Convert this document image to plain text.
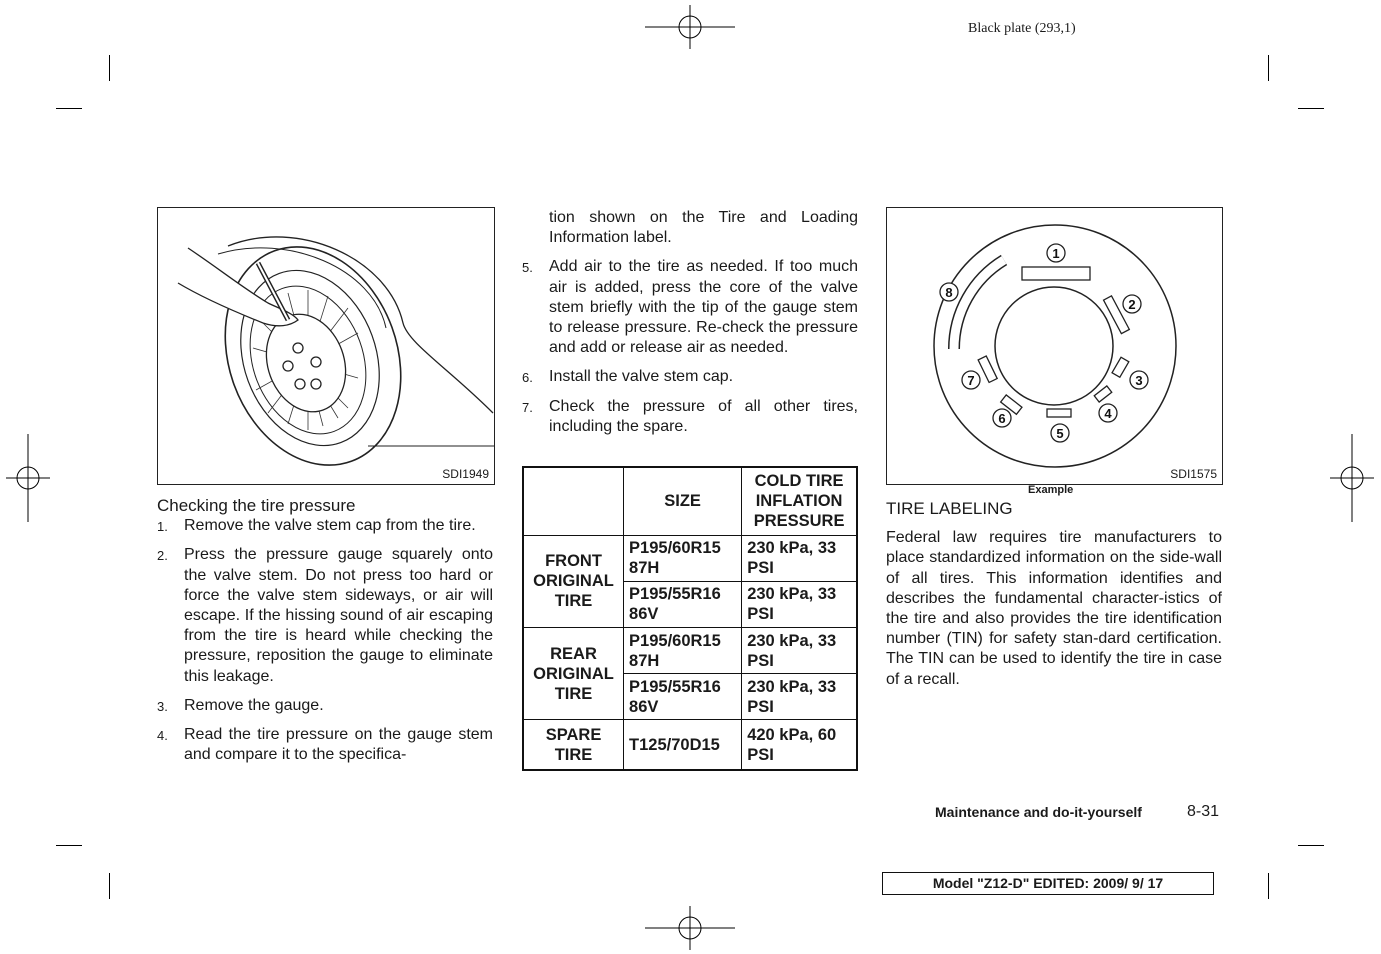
Black plate (293,1)
SDI1949

Checking the tire pressure

1. Remove the valve stem cap from the tire.
2. Press the pressure gauge squarely onto the valve stem. Do not press too hard or force the valve stem sideways, or air will escape. If the hissing sound of air escaping from the tire is heard while checking the pressure, reposition the gauge to eliminate this leakage.
3. Remove the gauge.
4. Read the tire pressure on the gauge stem and compare it to the specifica-

tion shown on the Tire and Loading Information label.

5. Add air to the tire as needed. If too much air is added, press the core of the valve stem briefly with the tip of the gauge stem to release pressure. Re-check the pressure and add or release air as needed.
6. Install the valve stem cap.
7. Check the pressure of all other tires, including the spare.
	SIZE	COLD TIRE INFLATION PRESSURE
FRONT ORIGINAL TIRE	P195/60R15 87H	230 kPa, 33 PSI
	P195/55R16 86V	230 kPa, 33 PSI
REAR ORIGINAL TIRE	P195/60R15 87H	230 kPa, 33 PSI
	P195/55R16 86V	230 kPa, 33 PSI
SPARE TIRE	T125/70D15	420 kPa, 60 PSI
1
2
3
4
5
6
7
8
SDI1575
Example

TIRE LABELING

Federal law requires tire manufacturers to place standardized information on the side-wall of all tires. This information identifies and describes the fundamental character-istics of the tire and also provides the tire identification number (TIN) for safety stan-dard certification. The TIN can be used to identify the tire in case of a recall.

Maintenance and do-it-yourself	8-31
Model "Z12-D" EDITED: 2009/ 9/ 17
